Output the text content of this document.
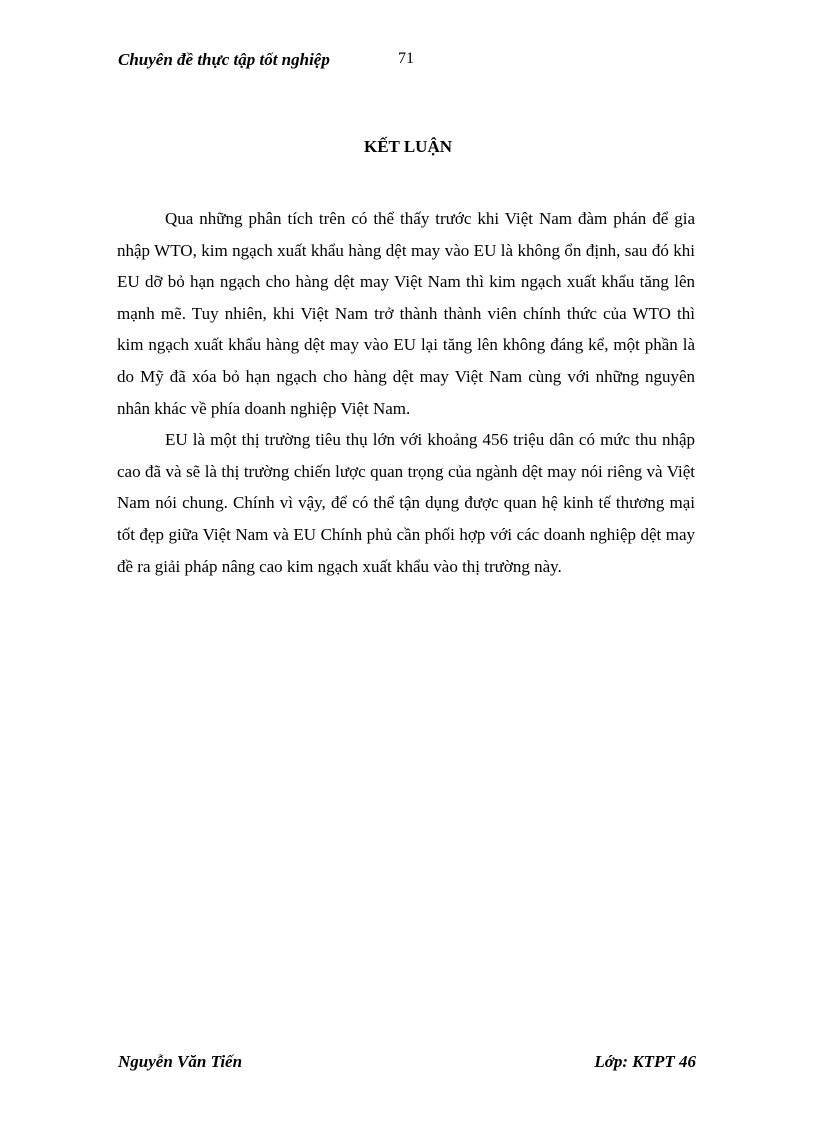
Chuyên đề thực tập tốt nghiệp	71
KẾT LUẬN

Qua những phân tích trên có thể thấy trước khi Việt Nam đàm phán để gia nhập WTO, kim ngạch xuất khẩu hàng dệt may vào EU là không ổn định, sau đó khi EU dỡ bỏ hạn ngạch cho hàng dệt may Việt Nam thì kim ngạch xuất khẩu tăng lên mạnh mẽ. Tuy nhiên, khi Việt Nam trở thành thành viên chính thức của WTO thì kim ngạch xuất khẩu hàng dệt may vào EU lại tăng lên không đáng kể, một phần là do Mỹ đã xóa bỏ hạn ngạch cho hàng dệt may Việt Nam cùng với những nguyên nhân khác về phía doanh nghiệp Việt Nam.

EU là một thị trường tiêu thụ lớn với khoảng 456 triệu dân có mức thu nhập cao đã và sẽ là thị trường chiến lược quan trọng của ngành dệt may nói riêng và Việt Nam nói chung. Chính vì vậy, để có thể tận dụng được quan hệ kinh tế thương mại tốt đẹp giữa Việt Nam và EU Chính phủ cần phối hợp với các doanh nghiệp dệt may đề ra giải pháp nâng cao kim ngạch xuất khẩu vào thị trường này.

Nguyễn Văn Tiến	Lớp: KTPT 46
